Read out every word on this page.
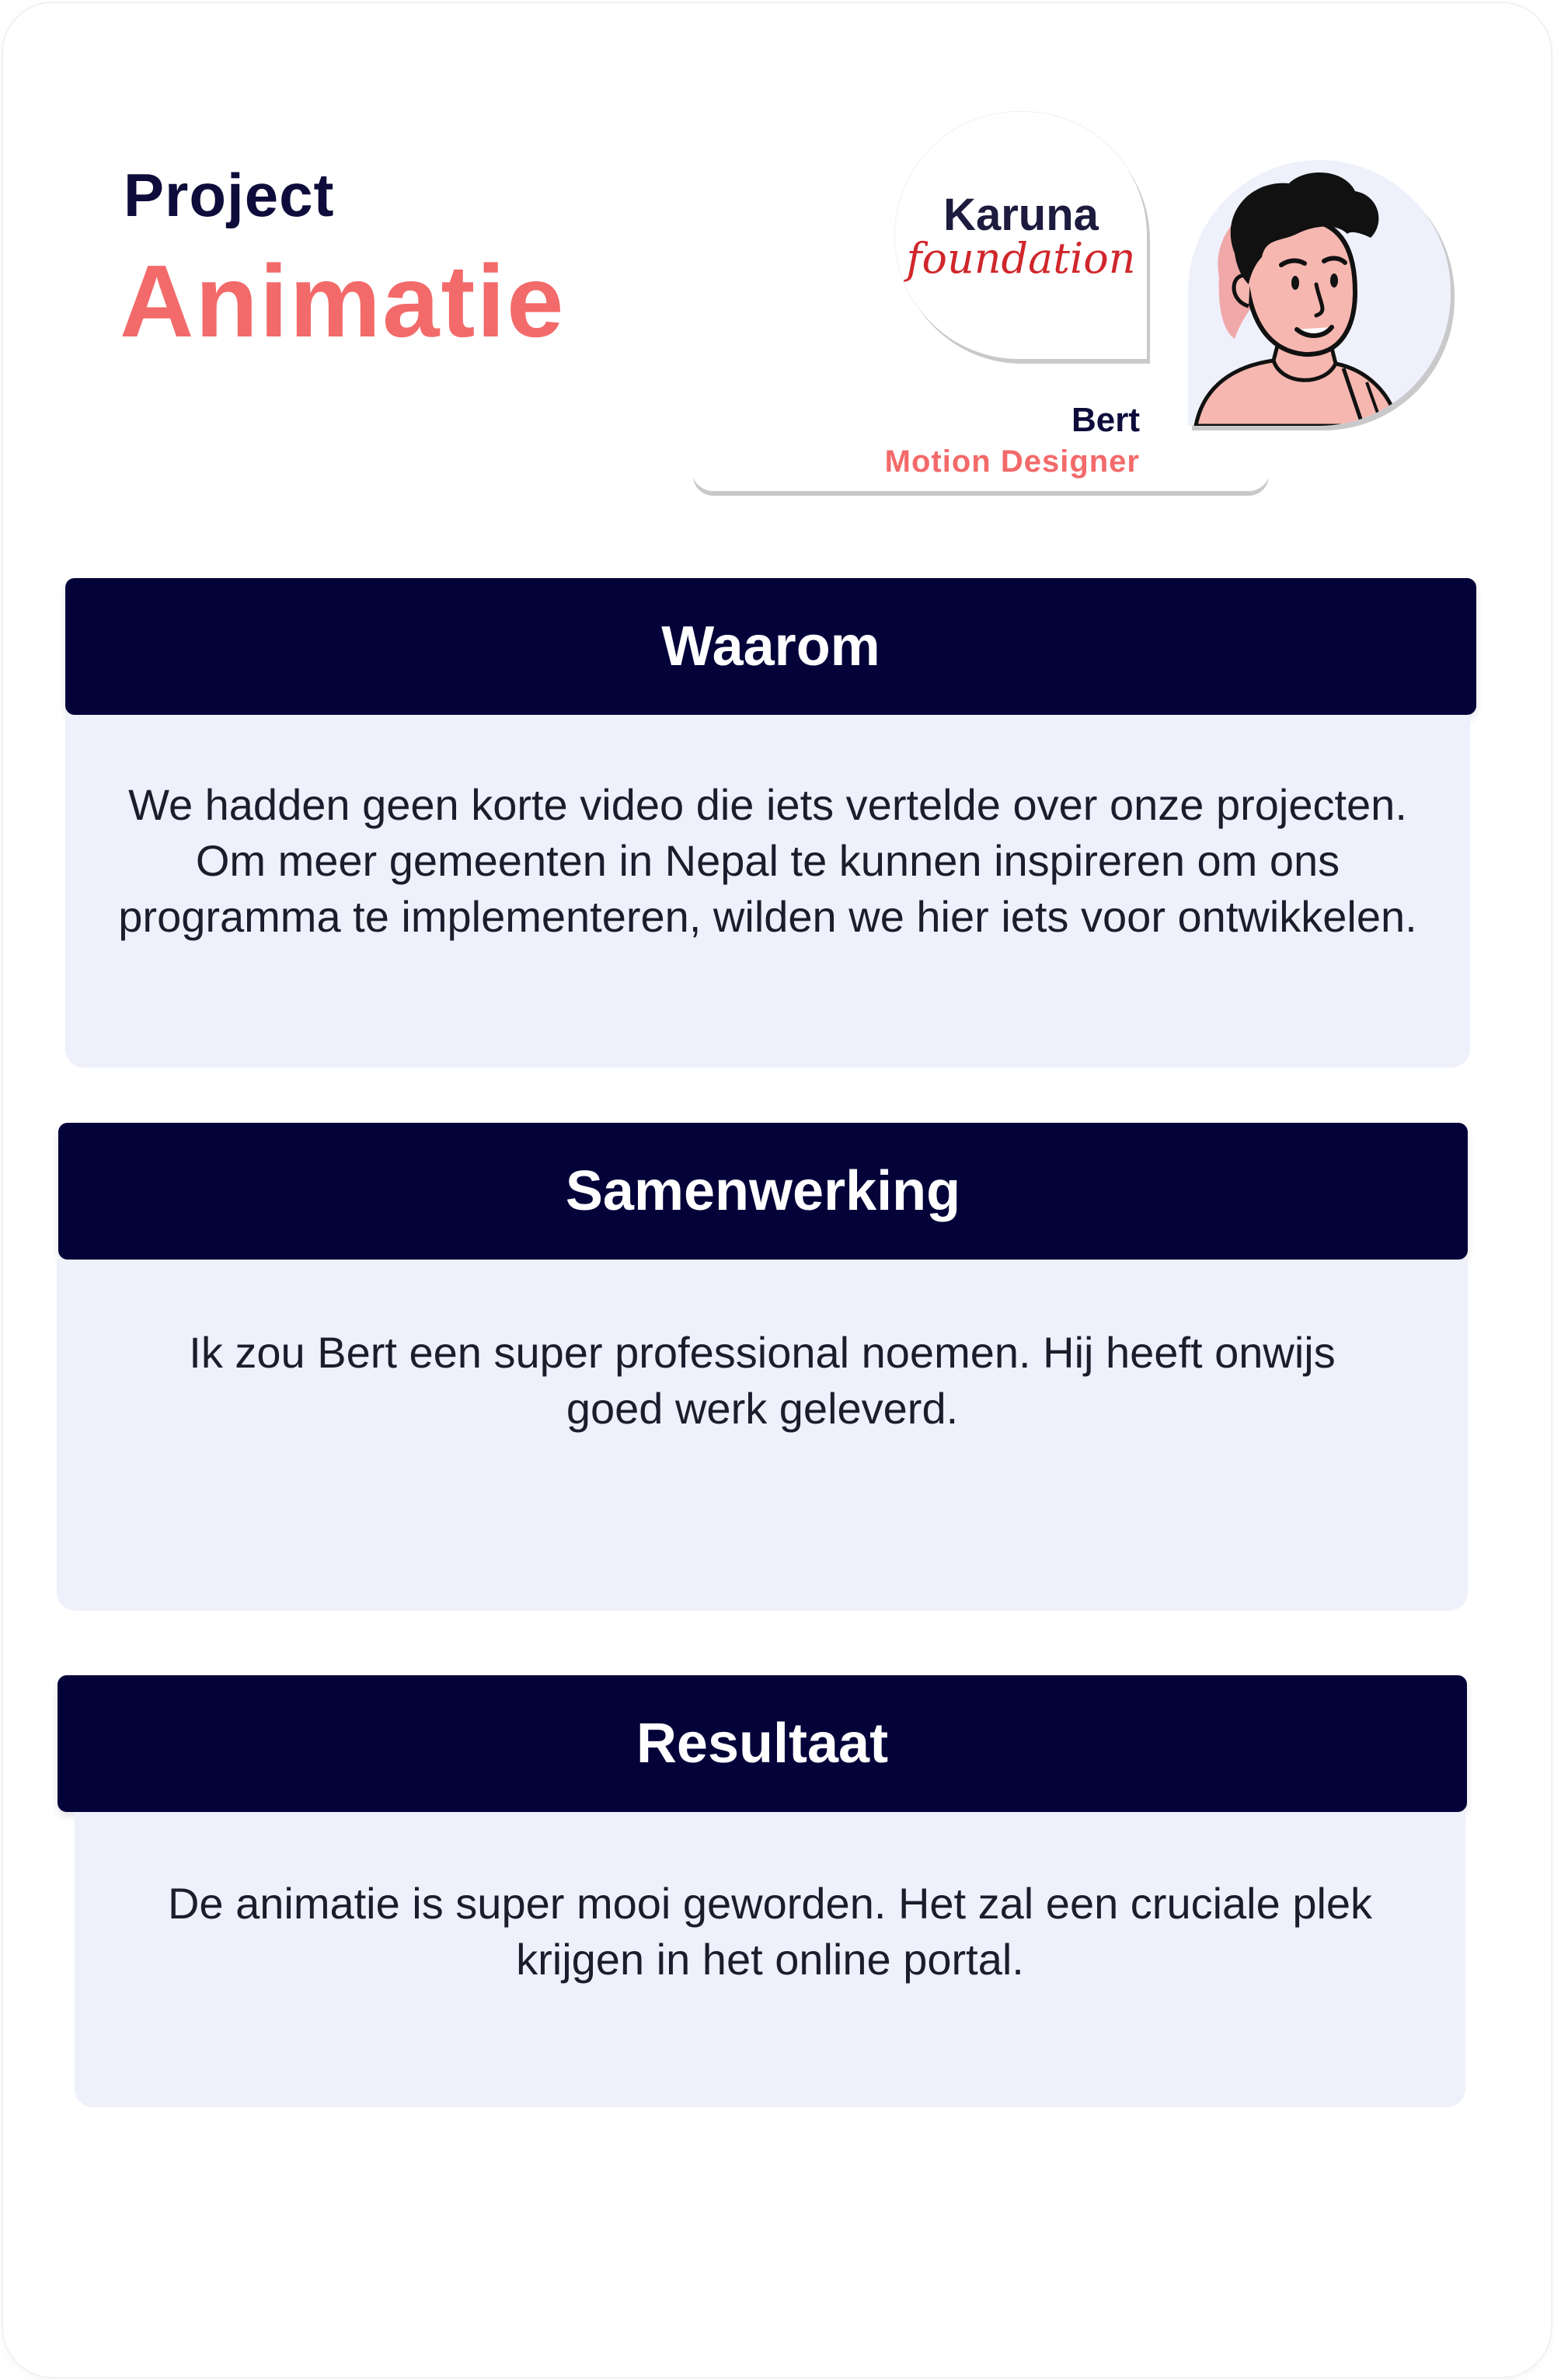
Project
Animatie
Bert
Motion Designer
Karuna
foundation
Waarom

We hadden geen korte video die iets vertelde over onze projecten. Om meer gemeenten in Nepal te kunnen inspireren om ons programma te implementeren, wilden we hier iets voor ontwikkelen.

Samenwerking

Ik zou Bert een super professional noemen. Hij heeft onwijs goed werk geleverd.

Resultaat

De animatie is super mooi geworden. Het zal een cruciale plek krijgen in het online portal.
